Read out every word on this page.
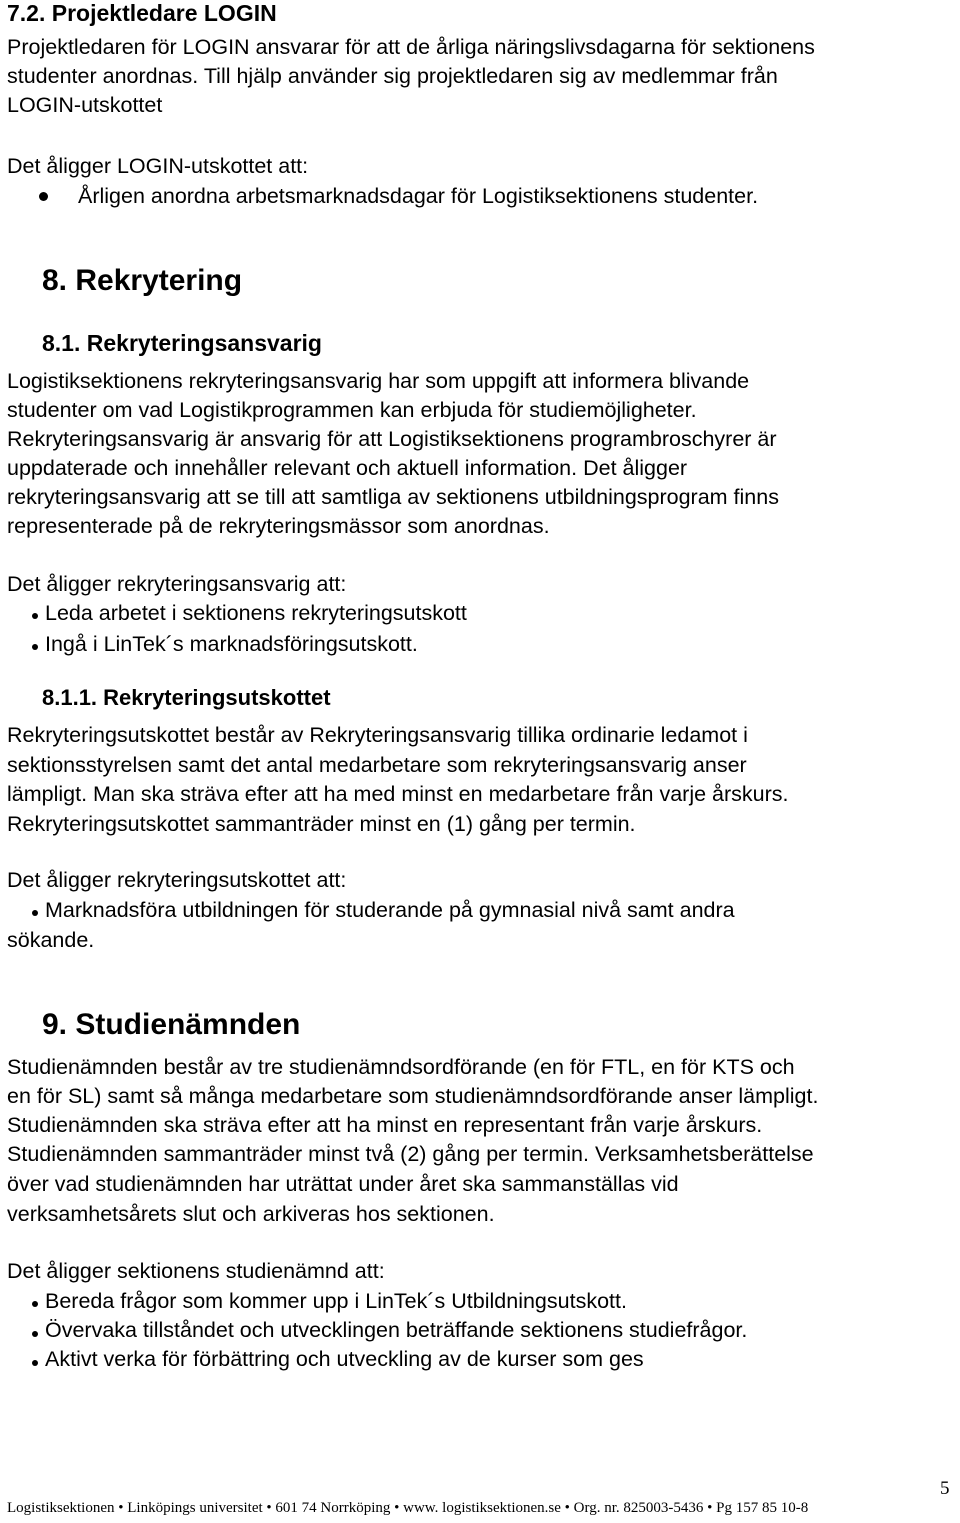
7.2. Projektledare LOGIN
Projektledaren för LOGIN ansvarar för att de årliga näringslivsdagarna för sektionens
studenter anordnas. Till hjälp använder sig projektledaren sig av medlemmar från
LOGIN-utskottet
Det åligger LOGIN-utskottet att:
Årligen anordna arbetsmarknadsdagar för Logistiksektionens studenter.
8. Rekrytering
8.1. Rekryteringsansvarig
Logistiksektionens rekryteringsansvarig har som uppgift att informera blivande
studenter om vad Logistikprogrammen kan erbjuda för studiemöjligheter.
Rekryteringsansvarig är ansvarig för att Logistiksektionens programbroschyrer är
uppdaterade och innehåller relevant och aktuell information. Det åligger
rekryteringsansvarig att se till att samtliga av sektionens utbildningsprogram finns
representerade på de rekryteringsmässor som anordnas.
Det åligger rekryteringsansvarig att:
Leda arbetet i sektionens rekryteringsutskott
Ingå i LinTek´s marknadsföringsutskott.
8.1.1. Rekryteringsutskottet
Rekryteringsutskottet består av Rekryteringsansvarig tillika ordinarie ledamot i
sektionsstyrelsen samt det antal medarbetare som rekryteringsansvarig anser
lämpligt. Man ska sträva efter att ha med minst en medarbetare från varje årskurs.
Rekryteringsutskottet sammanträder minst en (1) gång per termin.
Det åligger rekryteringsutskottet att:
Marknadsföra utbildningen för studerande på gymnasial nivå samt andra
sökande.
9. Studienämnden
Studienämnden består av tre studienämndsordförande (en för FTL, en för KTS och
en för SL) samt så många medarbetare som studienämndsordförande anser lämpligt.
Studienämnden ska sträva efter att ha minst en representant från varje årskurs.
Studienämnden sammanträder minst två (2) gång per termin. Verksamhetsberättelse
över vad studienämnden har uträttat under året ska sammanställas vid
verksamhetsårets slut och arkiveras hos sektionen.
Det åligger sektionens studienämnd att:
Bereda frågor som kommer upp i LinTek´s Utbildningsutskott.
Övervaka tillståndet och utvecklingen beträffande sektionens studiefrågor.
Aktivt verka för förbättring och utveckling av de kurser som ges
5
Logistiksektionen • Linköpings universitet • 601 74 Norrköping • www. logistiksektionen.se • Org. nr. 825003-5436 • Pg 157 85 10-8
